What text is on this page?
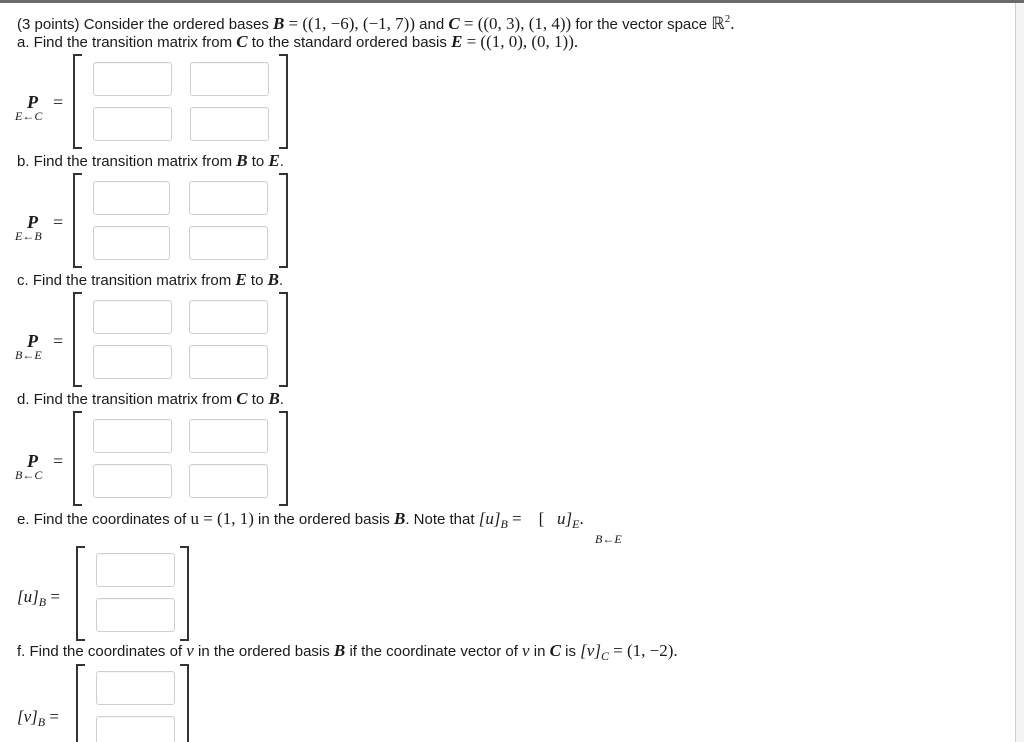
(3 points) Consider the ordered bases B = ((1, −6), (−1, 7)) and C = ((0, 3), (1, 4)) for the vector space ℝ$^2$.
a. Find the transition matrix from C to the standard ordered basis E = ((1, 0), (0, 1)).
P =
E←C
b. Find the transition matrix from B to E.
P =
E←B
c. Find the transition matrix from E to B.
P =
B←E
d. Find the transition matrix from C to B.
P =
B←C
e. Find the coordinates of u = (1, 1) in the ordered basis B. Note that $[u]_B$ = [ $u]_E$.
B←E
$[u]_B$ =
f. Find the coordinates of v in the ordered basis B if the coordinate vector of v in C is $[v]_C = (1$, −2).
$[v]_B$ =
